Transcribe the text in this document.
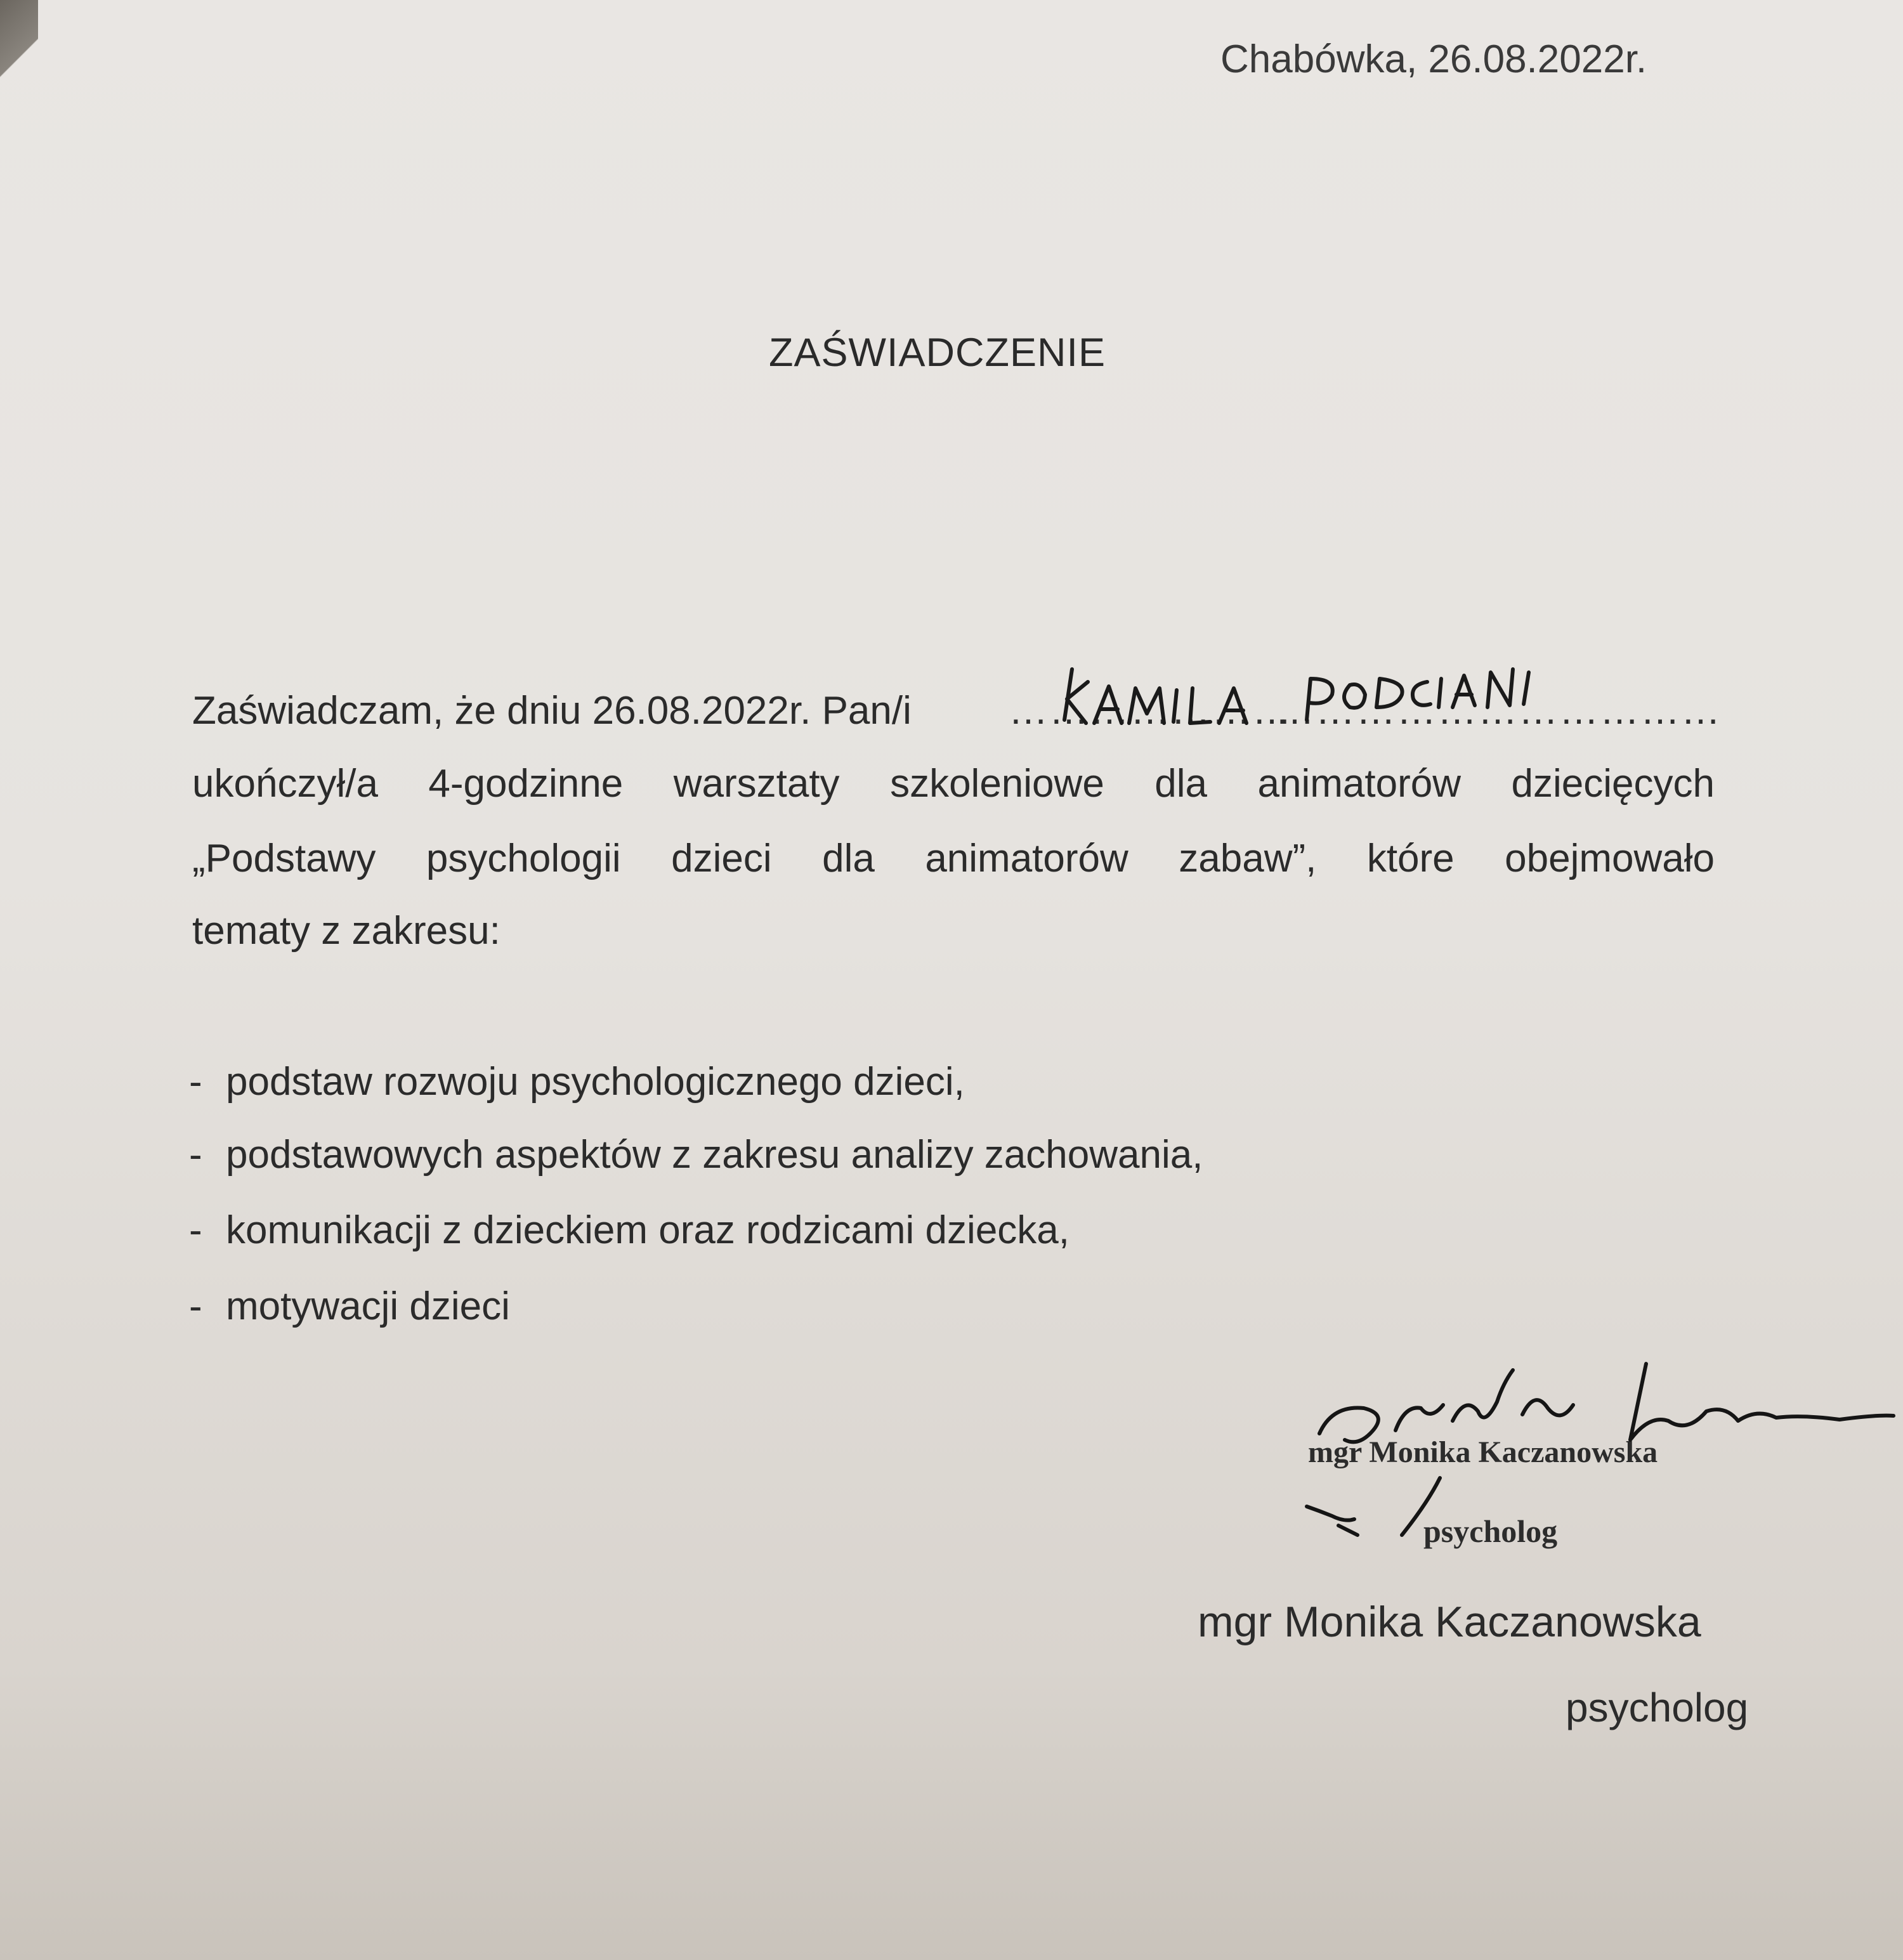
Chabówka, 26.08.2022r.
ZAŚWIADCZENIE
Zaświadczam, że dniu 26.08.2022r. Pan/i …………………
……………………………
ukończył/a 4-godzinne warsztaty szkoleniowe dla animatorów dziecięcych
„Podstawy psychologii dzieci dla animatorów zabaw”, które obejmowało
tematy z zakresu:
- podstaw rozwoju psychologicznego dzieci,
- podstawowych aspektów z zakresu analizy zachowania,
- komunikacji z dzieckiem oraz rodzicami dziecka,
- motywacji dzieci
mgr Monika Kaczanowska
psycholog
mgr Monika Kaczanowska
psycholog
